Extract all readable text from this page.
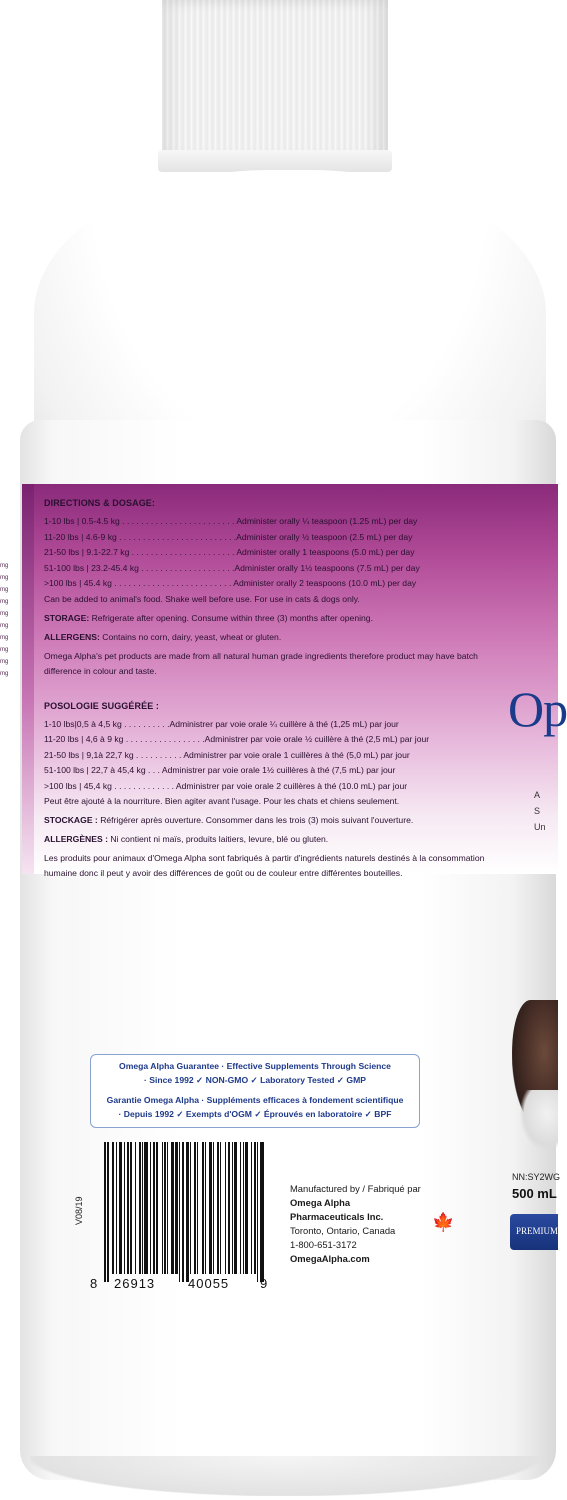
mg
mg
mg
mg
mg
mg
mg
mg
mg
mg

DIRECTIONS & DOSAGE:

1-10 lbs | 0.5-4.5 kg . . . . . . . . . . . . . . . . . . . . . . . . Administer orally ¼ teaspoon (1.25 mL) per day
11-20 lbs | 4.6-9 kg . . . . . . . . . . . . . . . . . . . . . . . . .Administer orally ½ teaspoon (2.5 mL) per day
21-50 lbs | 9.1-22.7 kg . . . . . . . . . . . . . . . . . . . . . . Administer orally 1 teaspoons (5.0 mL) per day
51-100 lbs | 23.2-45.4 kg . . . . . . . . . . . . . . . . . . . .Administer orally 1½ teaspoons (7.5 mL) per day
>100 lbs | 45.4 kg . . . . . . . . . . . . . . . . . . . . . . . . . Administer orally 2 teaspoons (10.0 mL) per day

Can be added to animal's food. Shake well before use. For use in cats & dogs only.

STORAGE: Refrigerate after opening. Consume within three (3) months after opening.

ALLERGENS: Contains no corn, dairy, yeast, wheat or gluten.

Omega Alpha's pet products are made from all natural human grade ingredients therefore product may have batch difference in colour and taste.

POSOLOGIE SUGGÉRÉE :

1-10 lbs|0,5 à 4,5 kg . . . . . . . . . .Administrer par voie orale ¼ cuillère à thé (1,25 mL) par jour
11-20 lbs | 4,6 à 9 kg . . . . . . . . . . . . . . . . .Administrer par voie orale ½ cuillère à thé (2,5 mL) par jour
21-50 lbs | 9,1à 22,7 kg . . . . . . . . . . Administrer par voie orale 1 cuillères à thé (5,0 mL) par jour
51-100 lbs | 22,7 à 45,4 kg . . . Administrer par voie orale 1½ cuillères à thé (7,5 mL) par jour
>100 lbs | 45,4 kg . . . . . . . . . . . . . Administrer par voie orale 2 cuillères à thé (10.0 mL) par jour

Peut être ajouté à la nourriture. Bien agiter avant l'usage. Pour les chats et chiens seulement.

STOCKAGE : Réfrigérer après ouverture. Consommer dans les trois (3) mois suivant l'ouverture.

ALLERGÈNES : Ni contient ni maïs, produits laitiers, levure, blé ou gluten.

Les produits pour animaux d'Omega Alpha sont fabriqués à partir d'ingrédients naturels destinés à la consommation humaine donc il peut y avoir des différences de goût ou de couleur entre différentes bouteilles.

Op
A
S
Un
NN:SY2WG
500 mL
PREMIUM
Omega Alpha Guarantee · Effective Supplements Through Science
· Since 1992 ✓ NON-GMO ✓ Laboratory Tested ✓ GMP
Garantie Omega Alpha · Suppléments efficaces à fondement scientifique
· Depuis 1992 ✓ Exempts d'OGM ✓ Éprouvés en laboratoire ✓ BPF
V08/19
8 26913	40055 9
Manufactured by / Fabriqué par
Omega Alpha
Pharmaceuticals Inc.
Toronto, Ontario, Canada
1-800-651-3172
OmegaAlpha.com
🍁
